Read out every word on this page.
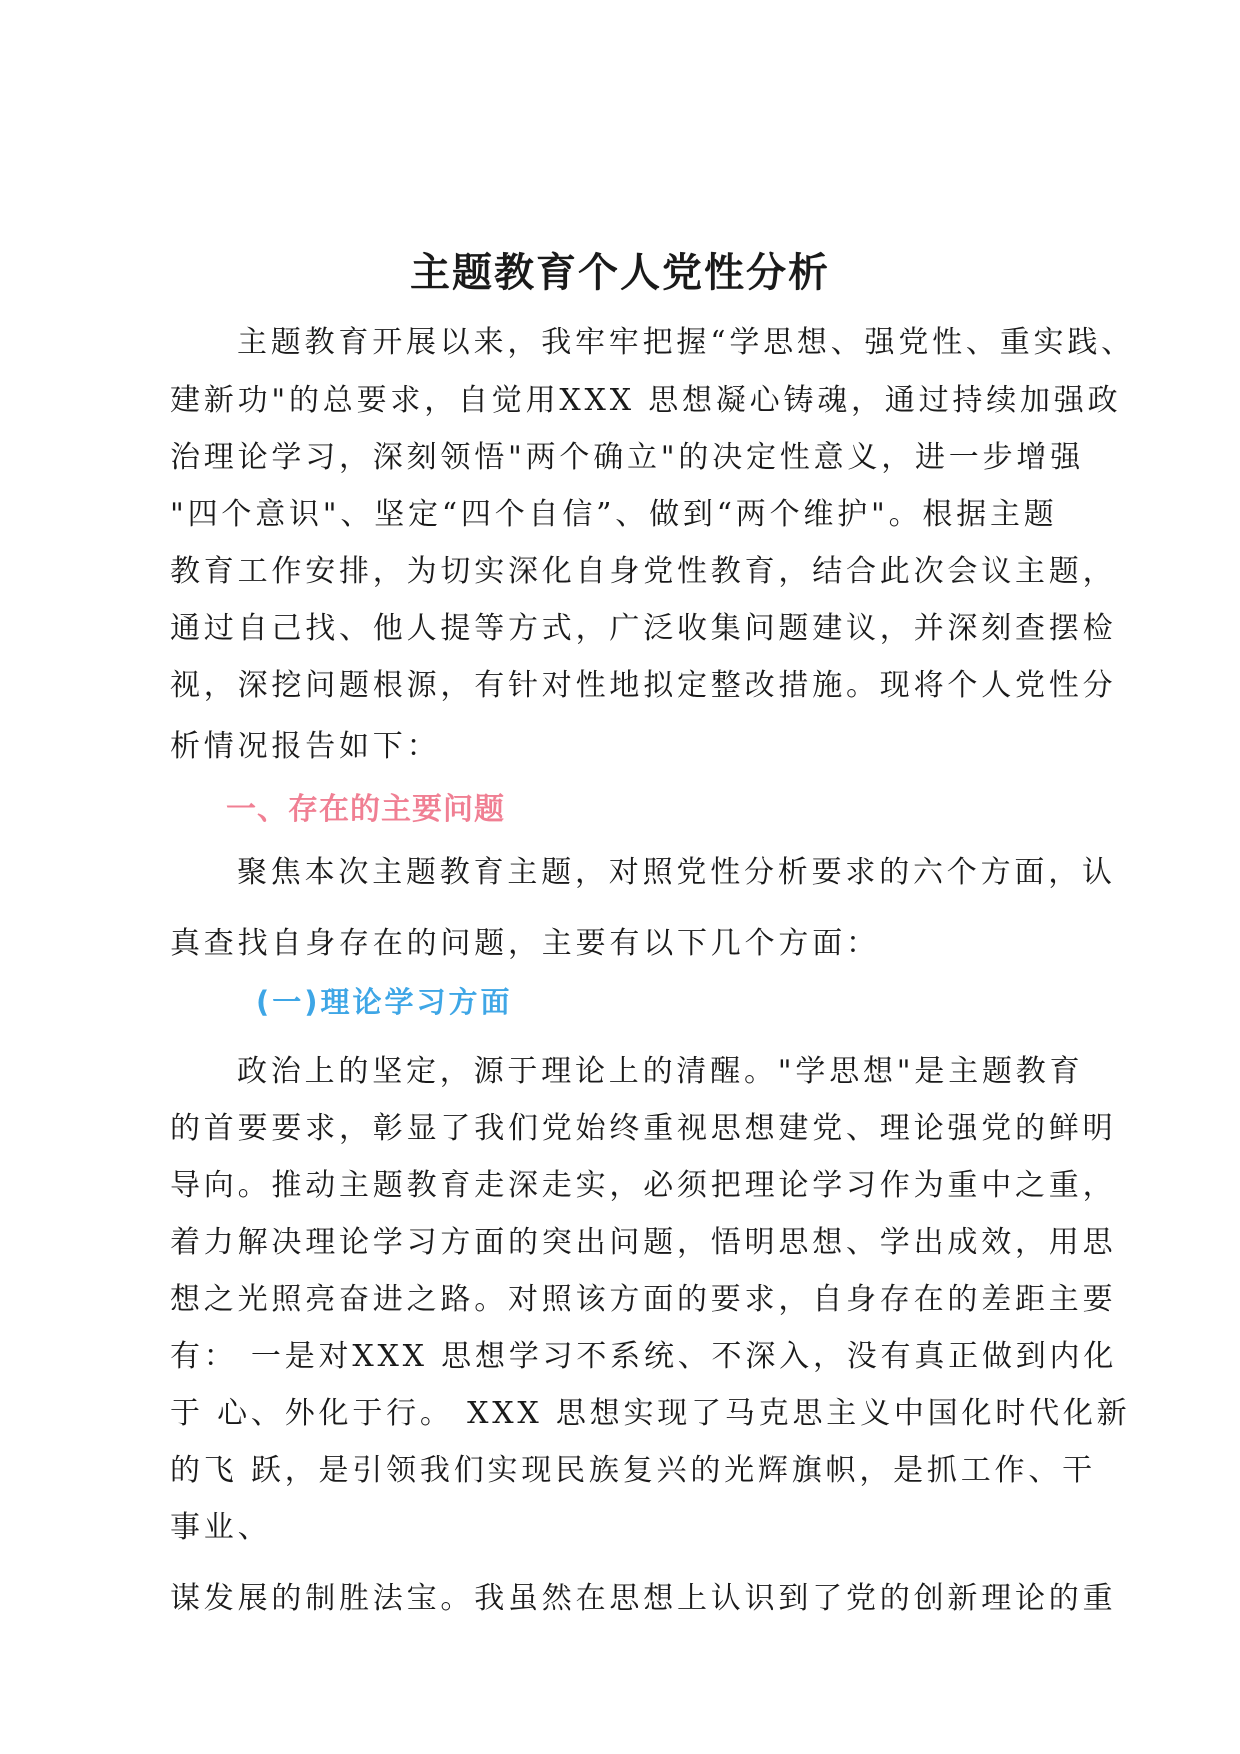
主题教育个人党性分析
主题教育开展以来，我牢牢把握“学思想、强党性、重实践、
建新功"的总要求，自觉用XXX 思想凝心铸魂，通过持续加强政
治理论学习，深刻领悟"两个确立"的决定性意义，进一步增强
"四个意识"、坚定“四个自信”、做到“两个维护"。根据主题
教育工作安排，为切实深化自身党性教育，结合此次会议主题，
通过自己找、他人提等方式，广泛收集问题建议，并深刻查摆检
视，深挖问题根源，有针对性地拟定整改措施。现将个人党性分
析情况报告如下：
一、存在的主要问题
聚焦本次主题教育主题，对照党性分析要求的六个方面，认
真查找自身存在的问题，主要有以下几个方面：
(一)理论学习方面
政治上的坚定，源于理论上的清醒。"学思想"是主题教育
的首要要求，彰显了我们党始终重视思想建党、理论强党的鲜明
导向。推动主题教育走深走实，必须把理论学习作为重中之重，
着力解决理论学习方面的突出问题，悟明思想、学出成效，用思
想之光照亮奋进之路。对照该方面的要求，自身存在的差距主要
有： 一是对XXX 思想学习不系统、不深入，没有真正做到内化
于 心、外化于行。 XXX 思想实现了马克思主义中国化时代化新
的飞 跃，是引领我们实现民族复兴的光辉旗帜，是抓工作、干
事业、
谋发展的制胜法宝。我虽然在思想上认识到了党的创新理论的重
